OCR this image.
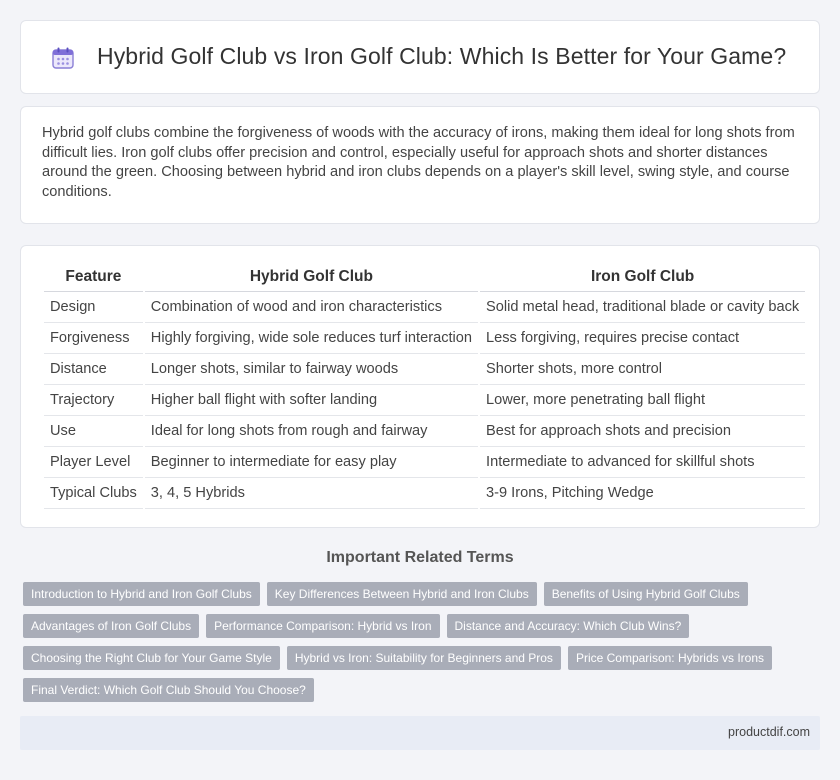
Hybrid Golf Club vs Iron Golf Club: Which Is Better for Your Game?

Hybrid golf clubs combine the forgiveness of woods with the accuracy of irons, making them ideal for long shots from difficult lies. Iron golf clubs offer precision and control, especially useful for approach shots and shorter distances around the green. Choosing between hybrid and iron clubs depends on a player's skill level, swing style, and course conditions.

Feature	Hybrid Golf Club	Iron Golf Club
Design	Combination of wood and iron characteristics	Solid metal head, traditional blade or cavity back
Forgiveness	Highly forgiving, wide sole reduces turf interaction	Less forgiving, requires precise contact
Distance	Longer shots, similar to fairway woods	Shorter shots, more control
Trajectory	Higher ball flight with softer landing	Lower, more penetrating ball flight
Use	Ideal for long shots from rough and fairway	Best for approach shots and precision
Player Level	Beginner to intermediate for easy play	Intermediate to advanced for skillful shots
Typical Clubs	3, 4, 5 Hybrids	3-9 Irons, Pitching Wedge
Important Related Terms
Introduction to Hybrid and Iron Golf Clubs	Key Differences Between Hybrid and Iron Clubs	Benefits of Using Hybrid Golf Clubs
Advantages of Iron Golf Clubs	Performance Comparison: Hybrid vs Iron	Distance and Accuracy: Which Club Wins?
Choosing the Right Club for Your Game Style	Hybrid vs Iron: Suitability for Beginners and Pros	Price Comparison: Hybrids vs Irons
Final Verdict: Which Golf Club Should You Choose?
productdif.com
